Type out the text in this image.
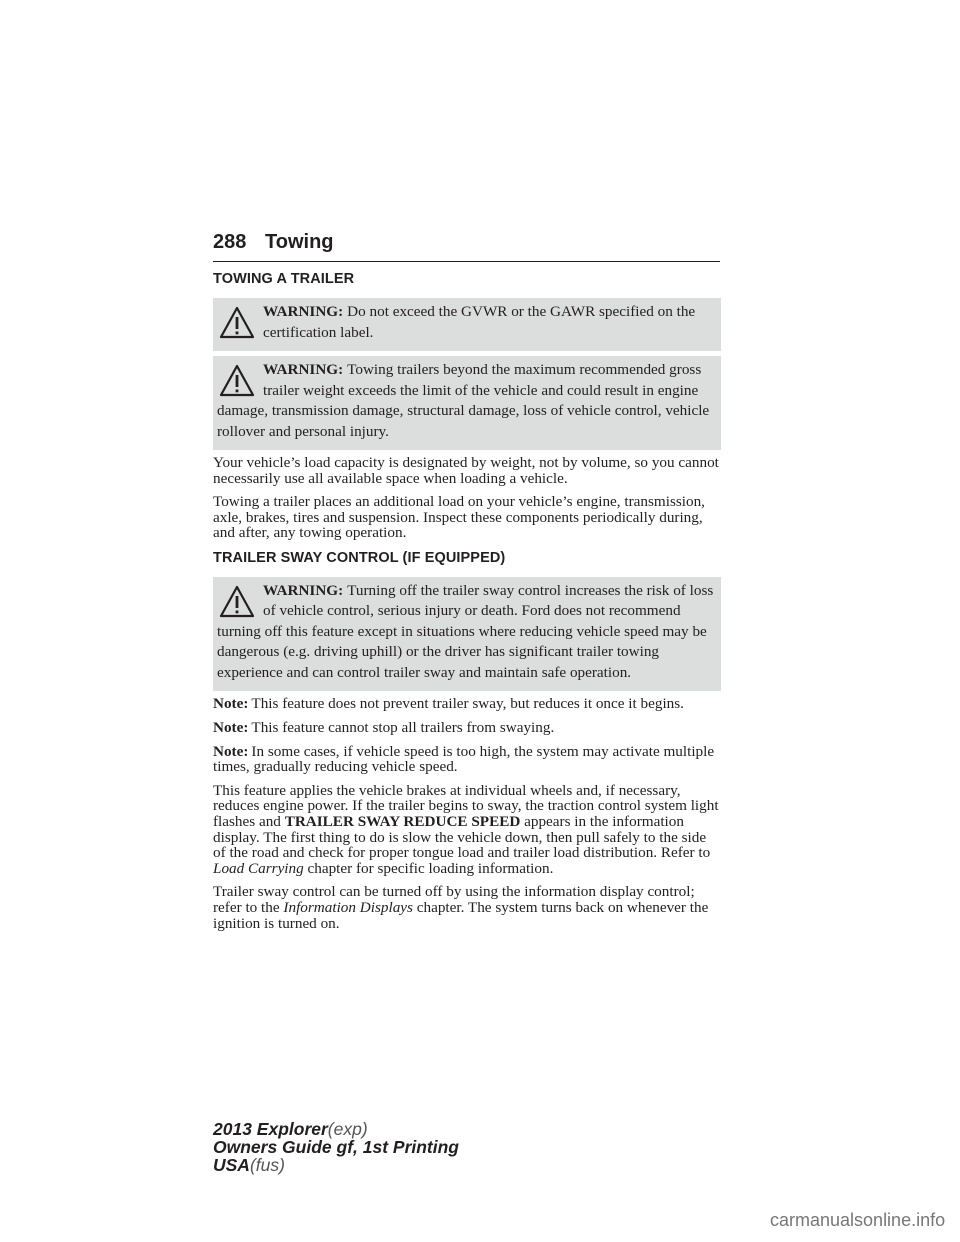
288 Towing
TOWING A TRAILER
WARNING: Do not exceed the GVWR or the GAWR specified on the certification label.
WARNING: Towing trailers beyond the maximum recommended gross trailer weight exceeds the limit of the vehicle and could result in engine damage, transmission damage, structural damage, loss of vehicle control, vehicle rollover and personal injury.

Your vehicle’s load capacity is designated by weight, not by volume, so you cannot necessarily use all available space when loading a vehicle.

Towing a trailer places an additional load on your vehicle’s engine, transmission, axle, brakes, tires and suspension. Inspect these components periodically during, and after, any towing operation.

TRAILER SWAY CONTROL (IF EQUIPPED)
WARNING: Turning off the trailer sway control increases the risk of loss of vehicle control, serious injury or death. Ford does not recommend turning off this feature except in situations where reducing vehicle speed may be dangerous (e.g. driving uphill) or the driver has significant trailer towing experience and can control trailer sway and maintain safe operation.

Note: This feature does not prevent trailer sway, but reduces it once it begins.

Note: This feature cannot stop all trailers from swaying.

Note: In some cases, if vehicle speed is too high, the system may activate multiple times, gradually reducing vehicle speed.

This feature applies the vehicle brakes at individual wheels and, if necessary, reduces engine power. If the trailer begins to sway, the traction control system light flashes and TRAILER SWAY REDUCE SPEED appears in the information display. The first thing to do is slow the vehicle down, then pull safely to the side of the road and check for proper tongue load and trailer load distribution. Refer to Load Carrying chapter for specific loading information.

Trailer sway control can be turned off by using the information display control; refer to the Information Displays chapter. The system turns back on whenever the ignition is turned on.

2013 Explorer(exp)
Owners Guide gf, 1st Printing
USA(fus)
carmanualsonline.info
